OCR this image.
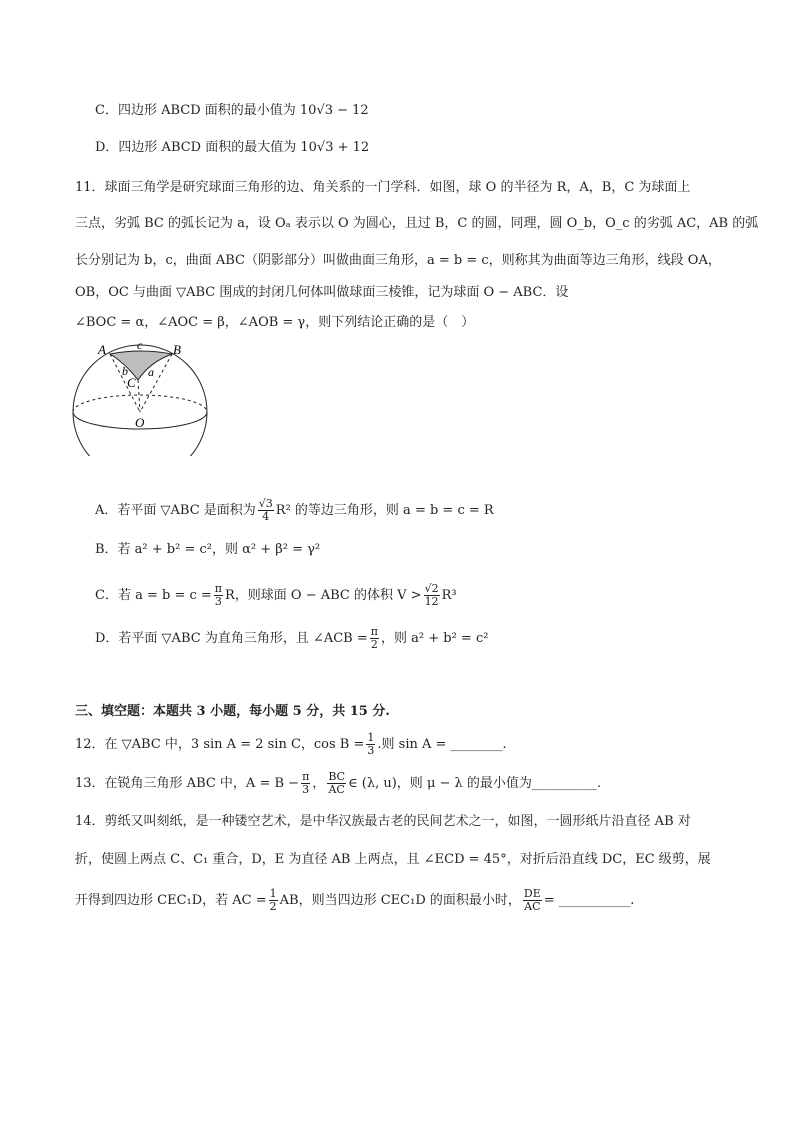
C．四边形 ABCD 面积的最小值为 10√3 − 12
D．四边形 ABCD 面积的最大值为 10√3 + 12
11．球面三角学是研究球面三角形的边、角关系的一门学科．如图，球 O 的半径为 R，A，B，C 为球面上
三点，劣弧 BC 的弧长记为 a，设 Oₐ 表示以 O 为圆心，且过 B，C 的圆，同理，圆 O_b，O_c 的劣弧 AC，AB 的弧
长分别记为 b，c，曲面 ABC（阴影部分）叫做曲面三角形，a = b = c，则称其为曲面等边三角形，线段 OA，
OB，OC 与曲面 ▽ABC 围成的封闭几何体叫做球面三棱锥，记为球面 O − ABC．设
∠BOC = α，∠AOC = β，∠AOB = γ，则下列结论正确的是（　）
A	B
c
b a
C
O
A．若平面 ▽ABC 是面积为 $\frac{√3}{4} R^2$ 的等边三角形，则 a = b = c = R
B．若 a² + b² = c²，则 α² + β² = γ²
C．若 $a = b = c = \frac{\pi}{3}$ R，则球面 O − ABC 的体积 $V > \frac{√2}{12} R^3$
D．若平面 ▽ABC 为直角三角形，且 ∠ACB = $\frac{\pi}{2}$ ，则 a² + b² = c²
三、填空题：本题共 3 小题，每小题 5 分，共 15 分.
12．在 ▽ABC 中，3 sin A = 2 sin C，$\cos B = \frac{1}{3}$ .则 sin A = ________.
13．在锐角三角形 ABC 中，$A = B - \frac{\pi}{3}$ ， $\frac{BC}{AC}$ ∈ (λ, u)，则 μ − λ 的最小值为__________.
14．剪纸又叫刻纸，是一种镂空艺术，是中华汉族最古老的民间艺术之一，如图，一圆形纸片沿直径 AB 对
折，使圆上两点 C、C₁ 重合，D，E 为直径 AB 上两点，且 ∠ECD = 45°，对折后沿直线 DC，EC 级剪，展
开得到四边形 CEC₁D，若 AC = $\frac{1}{2}$ AB，则当四边形 CEC₁D 的面积最小时， $\frac{DE}{AC}$ = ___________.
